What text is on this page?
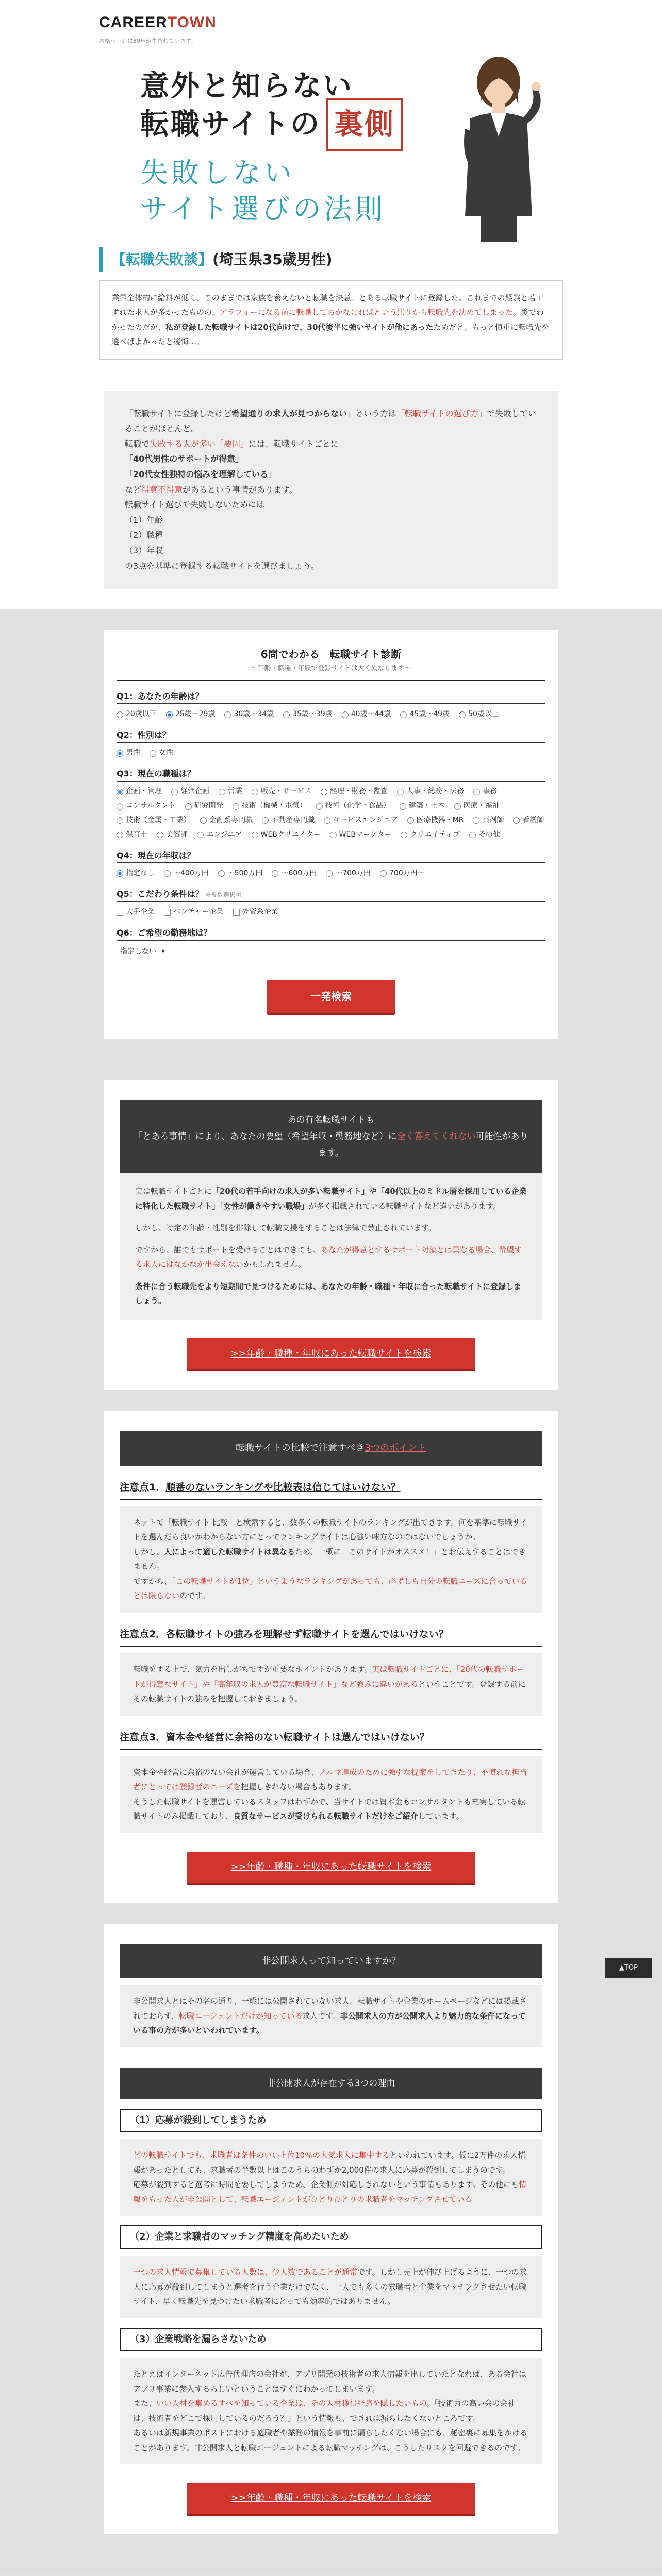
CAREERTOWN
本格ページに30年が生まれています。
意外と知らない
転職サイトの 裏側
失敗しない
サイト選びの法則
【転職失敗談】(埼玉県35歳男性)
業界全体的に給料が低く、このままでは家族を養えないと転職を決意。とある転職サイトに登録した。これまでの経験と若干ずれた求人が多かったものの、アラフォーになる前に転職しておかなければという焦りから転職先を決めてしまった。後でわかったのだが、私が登録した転職サイトは20代向けで、30代後半に強いサイトが他にあったためだと、もっと慎重に転職先を選べばよかったと後悔…。
「転職サイトに登録したけど希望通りの求人が見つからない」という方は「転職サイトの選び方」で失敗していることがほとんど。
転職で失敗する人が多い「要因」には、転職サイトごとに
「40代男性のサポートが得意」
「20代女性独特の悩みを理解している」
など得意不得意があるという事情があります。
転職サイト選びで失敗しないためには
（1）年齢
（2）職種
（3）年収
の3点を基準に登録する転職サイトを選びましょう。
6問でわかる　転職サイト診断
〜年齢・職種・年収で登録サイトは大く異なります〜
Q1：あなたの年齢は？
20歳以下	25歳〜29歳	30歳〜34歳	35歳〜39歳	40歳〜44歳	45歳〜49歳	50歳以上
Q2：性別は？
男性	女性
Q3：現在の職種は？
企画・管理	経営企画	営業	販売・サービス	経理・財務・監査	人事・総務・法務	事務
コンサルタント	研究開発	技術（機械・電気）	技術（化学・食品）	建築・土木	医療・福祉
技術（金属・工業）	金融系専門職	不動産専門職	サービスエンジニア	医療機器・MR	薬剤師	看護師
保育士	美容師	エンジニア	WEBクリエイター	WEBマーケター	クリエイティブ	その他
Q4：現在の年収は？
指定なし	〜400万円	〜500万円	〜600万円	〜700万円	700万円〜
Q5：こだわり条件は？ ※複数選択可
大手企業	ベンチャー企業	外資系企業
Q6：ご希望の勤務地は？
指定しない ▾
一発検索
あの有名転職サイトも
「とある事情」により、あなたの要望（希望年収・勤務地など）に全く答えてくれない可能性があります。

実は転職サイトごとに「20代の若手向けの求人が多い転職サイト」や「40代以上のミドル層を採用している企業に特化した転職サイト」「女性が働きやすい職場」が多く掲載されている転職サイトなど違いがあります。

しかし、特定の年齢・性別を排除して転職支援をすることは法律で禁止されています。

ですから、誰でもサポートを受けることはできても、あなたが得意とするサポート対象とは異なる場合、希望する求人にはなかなか出会えないかもしれません。

条件に合う転職先をより短期間で見つけるためには、あなたの年齢・職種・年収に合った転職サイトに登録しましょう。

>>年齢・職種・年収にあった転職サイトを検索
転職サイトの比較で注意すべき3つのポイント
注意点1．順番のないランキングや比較表は信じてはいけない？

ネットで「転職サイト 比較」と検索すると、数多くの転職サイトのランキングが出てきます。何を基準に転職サイトを選んだら良いかわからない方にとってランキングサイトは心強い味方なのではないでしょうか。

しかし、人によって適した転職サイトは異なるため、一概に「このサイトがオススメ！」とお伝えすることはできません。

ですから、「この転職サイトが1位」というようなランキングがあっても、必ずしも自分の転職ニーズに合っているとは限らないのです。

注意点2．各転職サイトの強みを理解せず転職サイトを選んではいけない？

転職をする上で、気力を出しがちですが重要なポイントがあります。実は転職サイトごとに、「20代の転職サポートが得意なサイト」や「高年収の求人が豊富な転職サイト」など強みに違いがあるということです。登録する前にその転職サイトの強みを把握しておきましょう。

注意点3．資本金や経営に余裕のない転職サイトは選んではいけない？

資本金や経営に余裕のない会社が運営している場合、ノルマ達成のために強引な提案をしてきたり、不慣れな担当者にとっては登録者のニーズを把握しきれない場合もあります。

そうした転職サイトを運営しているスタッフはわずかで、当サイトでは資本金もコンサルタントも充実している転職サイトのみ掲載しており、良質なサービスが受けられる転職サイトだけをご紹介しています。

>>年齢・職種・年収にあった転職サイトを検索
非公開求人って知っていますか？

非公開求人とはその名の通り、一般には公開されていない求人。転職サイトや企業のホームページなどには掲載されておらず、転職エージェントだけが知っている求人です。非公開求人の方が公開求人より魅力的な条件になっている事の方が多いといわれています。

非公開求人が存在する3つの理由
（1）応募が殺到してしまうため

どの転職サイトでも、求職者は条件のいい上位10％の人気求人に集中するといわれています。仮に2万件の求人情報があったとしても、求職者の半数以上はこのうちのわずか2,000件の求人に応募が殺到してしまうのです。

応募が殺到すると選考に時間を要してしまうため、企業側が対応しきれないという事情もあります。その他にも情報をもった人が非公開として、転職エージェントがひとりひとりの求職者をマッチングさせている

（2）企業と求職者のマッチング精度を高めたいため

一つの求人情報で募集している人数は、少人数であることが通常です。しかし売上が伸び上げるように、一つの求人に応募が殺到してしまうと選考を行う企業だけでなく、一人でも多くの求職者と企業をマッチングさせたい転職サイト、早く転職先を見つけたい求職者にとっても効率的ではありません。

（3）企業戦略を漏らさないため

たとえばインターネット広告代理店の会社が、アプリ開発の技術者の求人情報を出していたとなれば、ある会社はアプリ事業に参入するらしいということはすぐにわかってしまいます。

また、いい人材を集めるすべを知っている企業は、その人材獲得経路を隠したいもの。「技術力の高い会の会社は、技術者をどこで採用しているのだろう？」という情報も、できれば漏らしたくないところです。

あるいは新規事業のポストにおける適職者や業務の情報を事前に漏らしたくない場合にも、秘密裏に募集をかけることがあります。非公開求人と転職エージェントによる転職マッチングは、こうしたリスクを回避できるのです。

>>年齢・職種・年収にあった転職サイトを検索
▲TOP
